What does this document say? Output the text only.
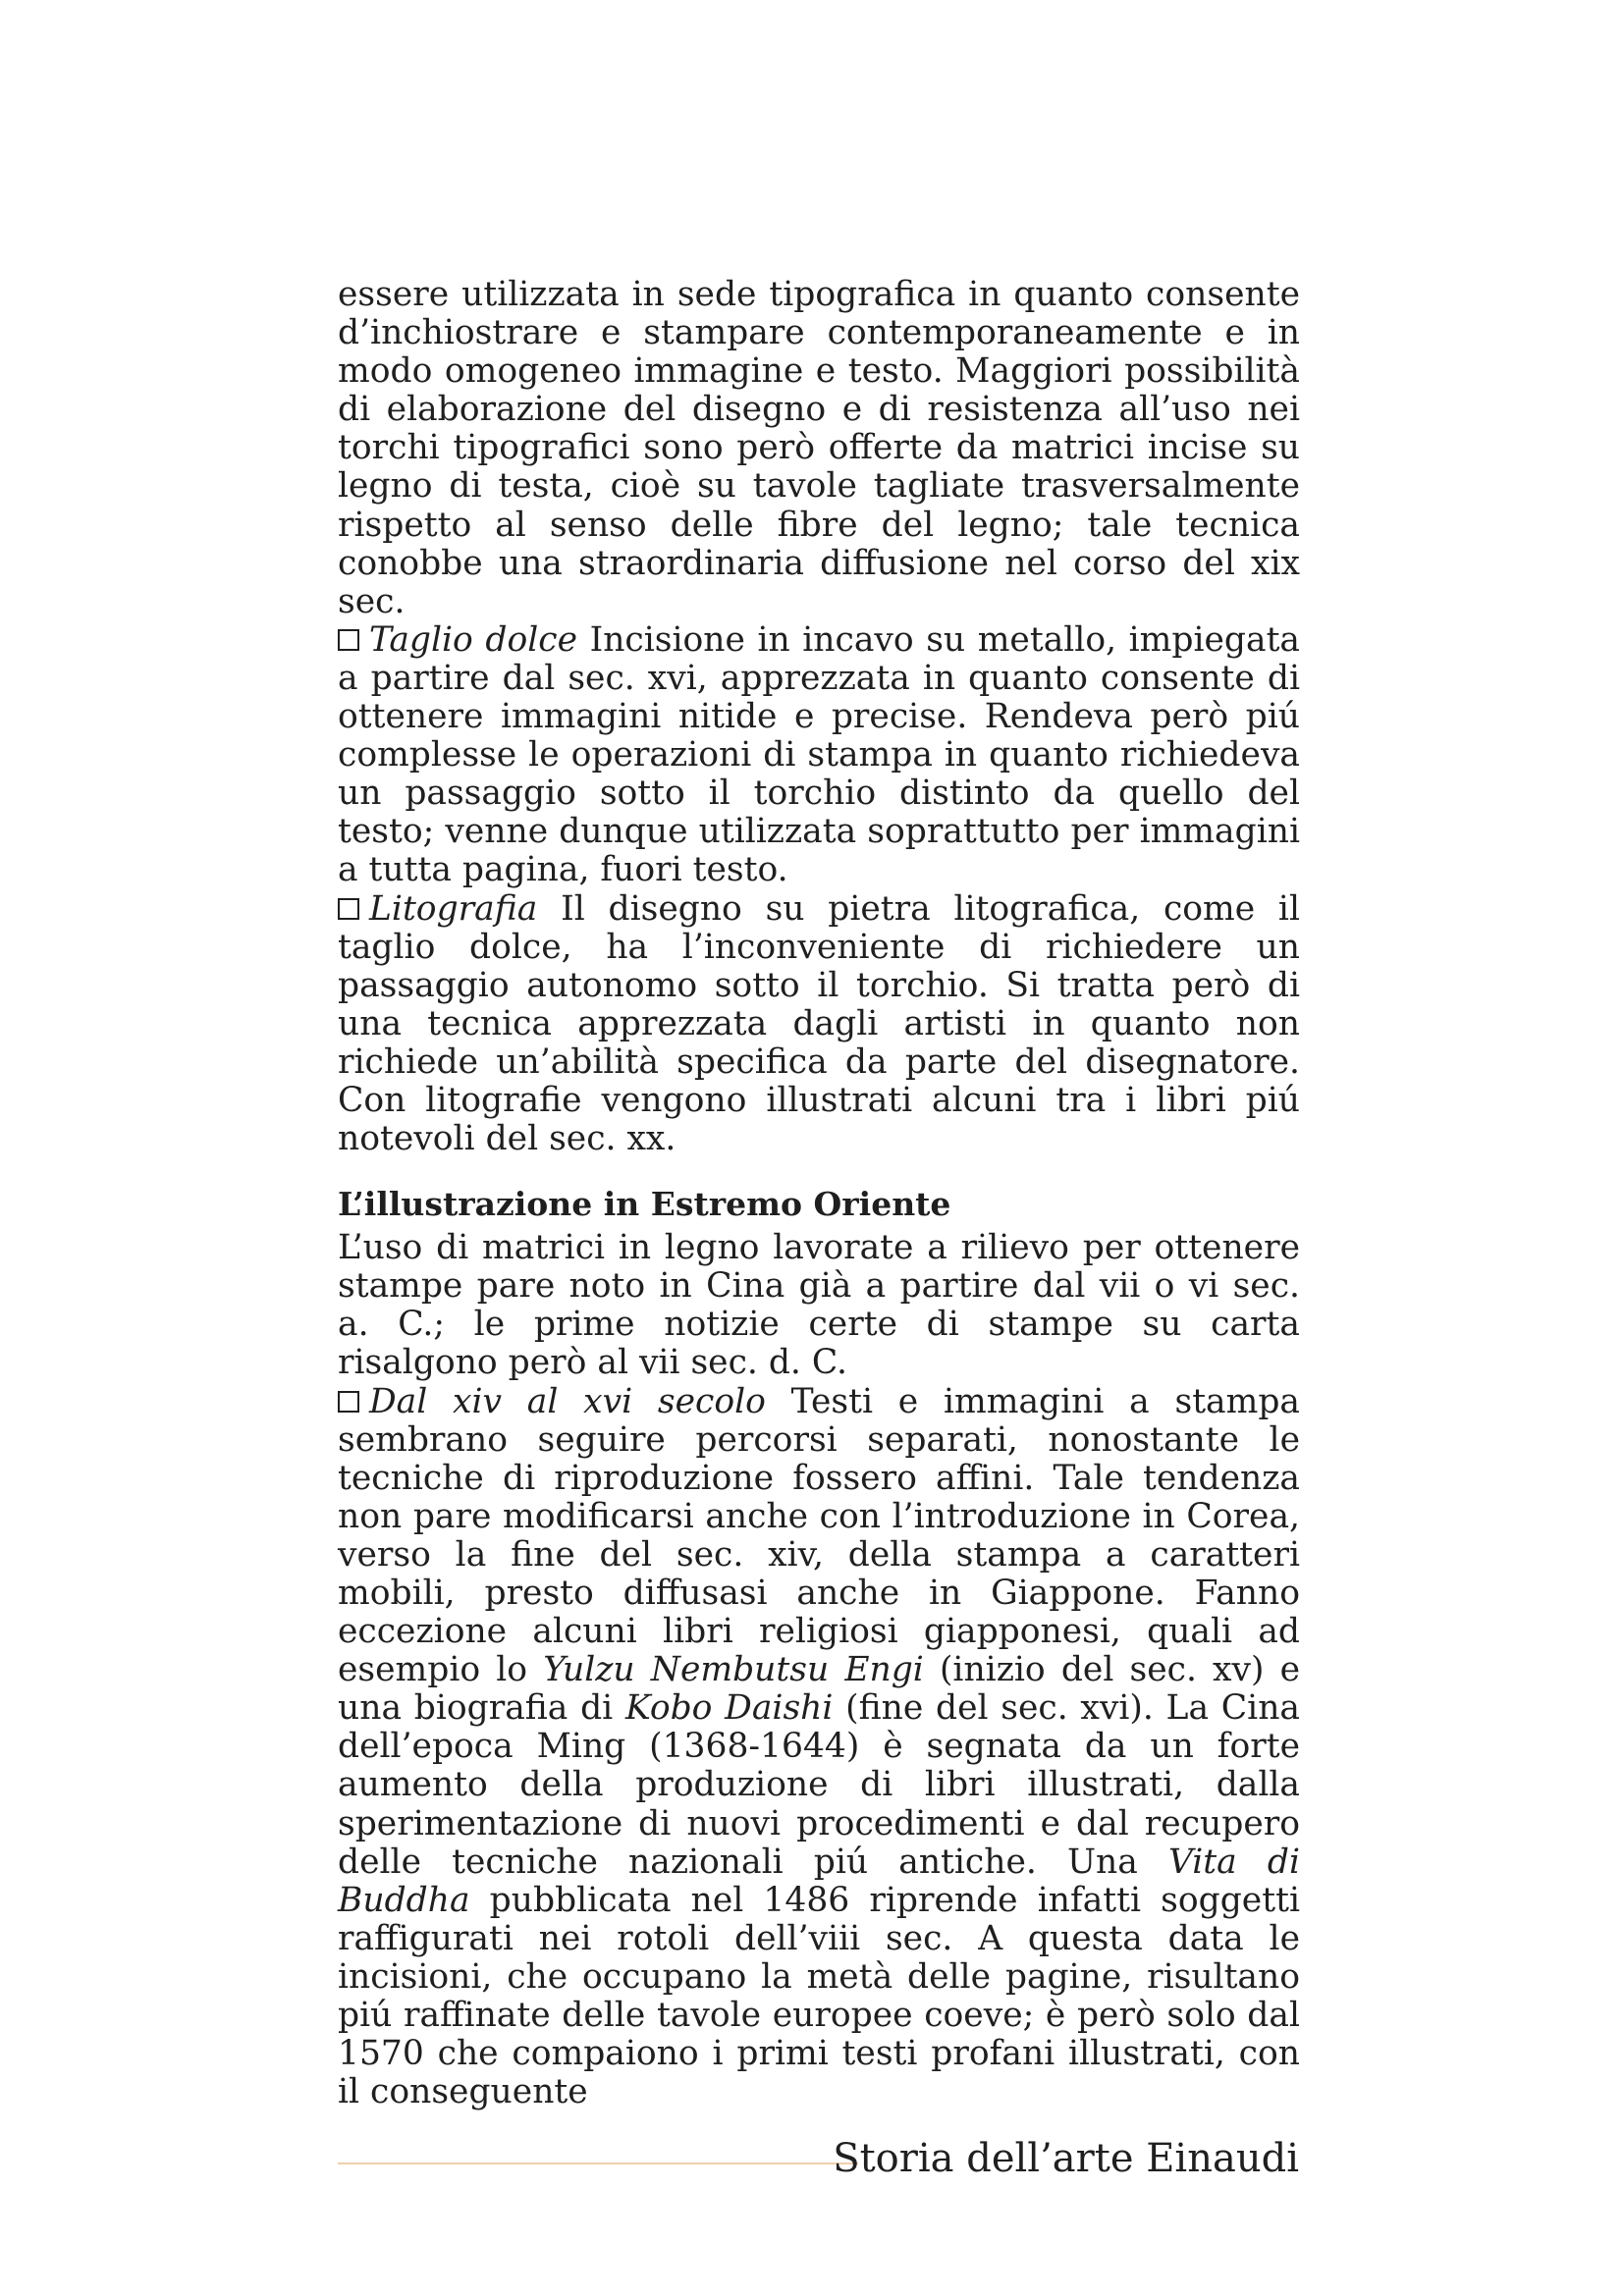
essere utilizzata in sede tipografica in quanto consente d’inchiostrare e stampare contemporaneamente e in modo omogeneo immagine e testo. Maggiori possibilità di elaborazione del disegno e di resistenza all’uso nei torchi tipografici sono però offerte da matrici incise su legno di testa, cioè su tavole tagliate trasversalmente rispetto al senso delle fibre del legno; tale tecnica conobbe una straordinaria diffusione nel corso del xix sec.

Taglio dolce Incisione in incavo su metallo, impiegata a partire dal sec. xvi, apprezzata in quanto consente di ottenere immagini nitide e precise. Rendeva però piú complesse le operazioni di stampa in quanto richiedeva un passaggio sotto il torchio distinto da quello del testo; venne dunque utilizzata soprattutto per immagini a tutta pagina, fuori testo.

Litografia Il disegno su pietra litografica, come il taglio dolce, ha l’inconveniente di richiedere un passaggio autonomo sotto il torchio. Si tratta però di una tecnica apprezzata dagli artisti in quanto non richiede un’abilità specifica da parte del disegnatore. Con litografie vengono illustrati alcuni tra i libri piú notevoli del sec. xx.

L’illustrazione in Estremo Oriente

L’uso di matrici in legno lavorate a rilievo per ottenere stampe pare noto in Cina già a partire dal vii o vi sec. a. C.; le prime notizie certe di stampe su carta risalgono però al vii sec. d. C.

Dal xiv al xvi secolo Testi e immagini a stampa sembrano seguire percorsi separati, nonostante le tecniche di riproduzione fossero affini. Tale tendenza non pare modificarsi anche con l’introduzione in Corea, verso la fine del sec. xiv, della stampa a caratteri mobili, presto diffusasi anche in Giappone. Fanno eccezione alcuni libri religiosi giapponesi, quali ad esempio lo Yulzu Nembutsu Engi (inizio del sec. xv) e una biografia di Kobo Daishi (fine del sec. xvi). La Cina dell’epoca Ming (1368-1644) è segnata da un forte aumento della produzione di libri illustrati, dalla sperimentazione di nuovi procedimenti e dal recupero delle tecniche nazionali piú antiche. Una Vita di Buddha pubblicata nel 1486 riprende infatti soggetti raffigurati nei rotoli dell’viii sec. A questa data le incisioni, che occupano la metà delle pagine, risultano piú raffinate delle tavole europee coeve; è però solo dal 1570 che compaiono i primi testi profani illustrati, con il conseguente

Storia dell’arte Einaudi
